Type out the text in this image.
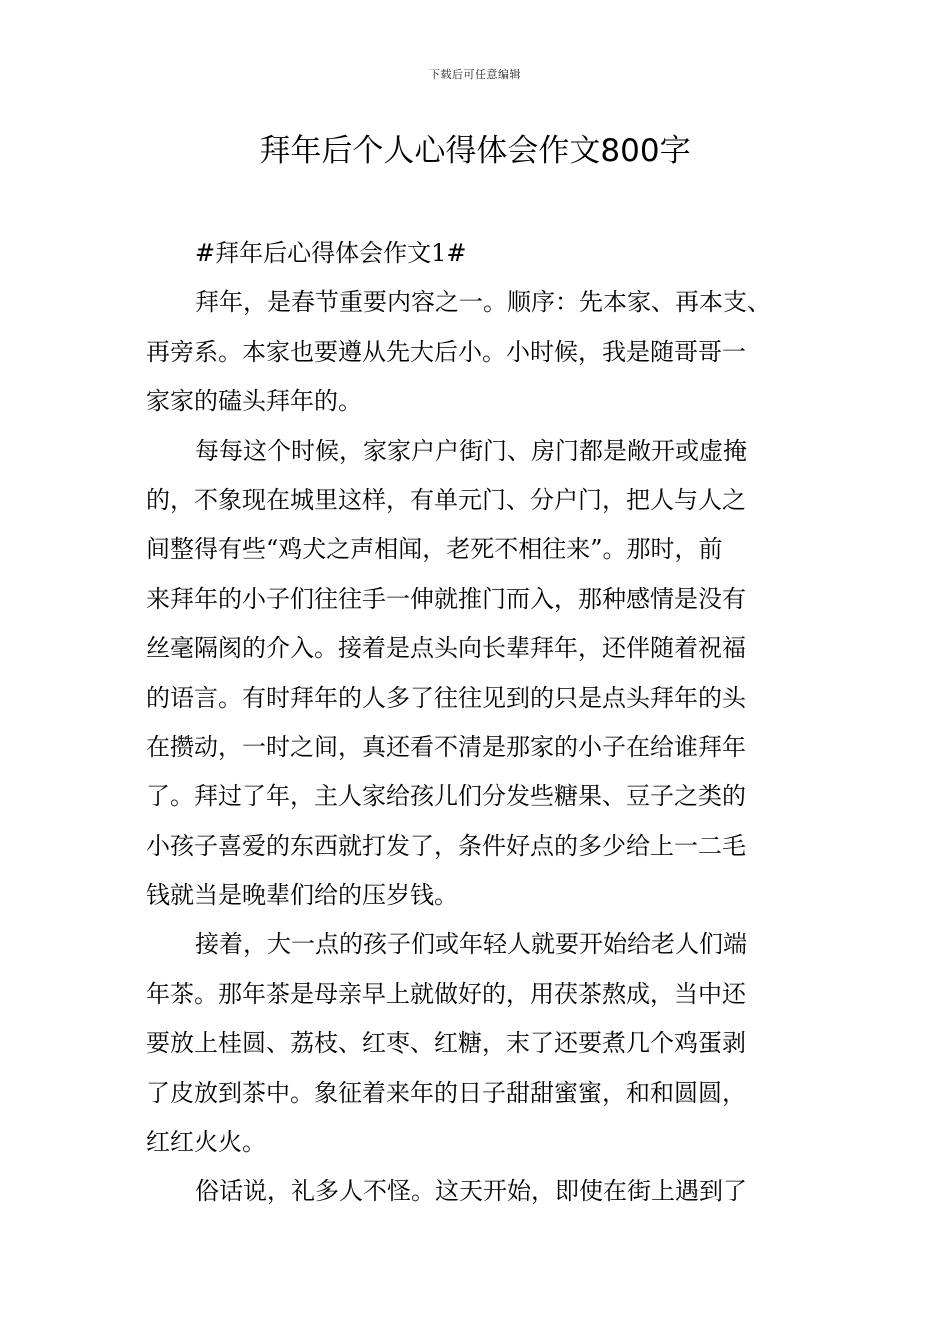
下载后可任意编辑
拜年后个人心得体会作文800字
#拜年后心得体会作文1#
拜年，是春节重要内容之一。顺序：先本家、再本支、
再旁系。本家也要遵从先大后小。小时候，我是随哥哥一
家家的磕头拜年的。
每每这个时候，家家户户街门、房门都是敞开或虚掩
的，不象现在城里这样，有单元门、分户门，把人与人之
间整得有些“鸡犬之声相闻，老死不相往来”。那时，前
来拜年的小子们往往手一伸就推门而入，那种感情是没有
丝毫隔阂的介入。接着是点头向长辈拜年，还伴随着祝福
的语言。有时拜年的人多了往往见到的只是点头拜年的头
在攒动，一时之间，真还看不清是那家的小子在给谁拜年
了。拜过了年，主人家给孩儿们分发些糖果、豆子之类的
小孩子喜爱的东西就打发了，条件好点的多少给上一二毛
钱就当是晚辈们给的压岁钱。
接着，大一点的孩子们或年轻人就要开始给老人们端
年茶。那年茶是母亲早上就做好的，用茯茶熬成，当中还
要放上桂圆、荔枝、红枣、红糖，末了还要煮几个鸡蛋剥
了皮放到茶中。象征着来年的日子甜甜蜜蜜，和和圆圆，
红红火火。
俗话说，礼多人不怪。这天开始，即使在街上遇到了
